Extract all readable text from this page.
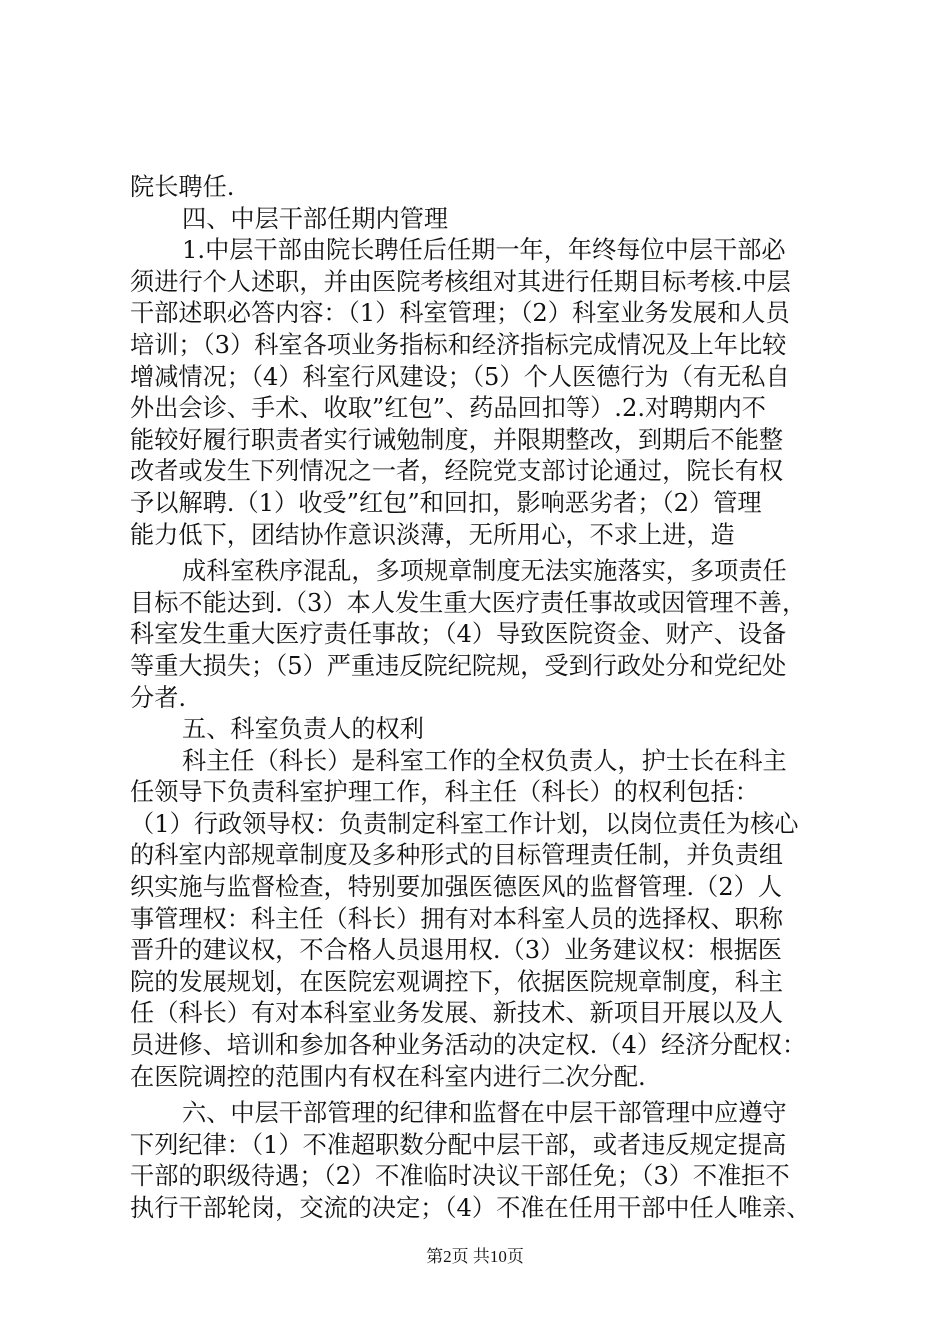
院长聘任.

四、中层干部任期内管理

1.中层干部由院长聘任后任期一年，年终每位中层干部必

须进行个人述职，并由医院考核组对其进行任期目标考核.中层

干部述职必答内容：（1）科室管理；（2）科室业务发展和人员

培训；（3）科室各项业务指标和经济指标完成情况及上年比较

增减情况；（4）科室行风建设；（5）个人医德行为（有无私自

外出会诊、手术、收取”红包”、药品回扣等）.2.对聘期内不

能较好履行职责者实行诫勉制度，并限期整改，到期后不能整

改者或发生下列情况之一者，经院党支部讨论通过，院长有权

予以解聘.（1）收受”红包”和回扣，影响恶劣者；（2）管理

能力低下，团结协作意识淡薄，无所用心，不求上进，造

成科室秩序混乱，多项规章制度无法实施落实，多项责任

目标不能达到.（3）本人发生重大医疗责任事故或因管理不善，

科室发生重大医疗责任事故；（4）导致医院资金、财产、设备

等重大损失；（5）严重违反院纪院规，受到行政处分和党纪处

分者.

五、科室负责人的权利

科主任（科长）是科室工作的全权负责人，护士长在科主

任领导下负责科室护理工作，科主任（科长）的权利包括：

（1）行政领导权：负责制定科室工作计划，以岗位责任为核心

的科室内部规章制度及多种形式的目标管理责任制，并负责组

织实施与监督检查，特别要加强医德医风的监督管理.（2）人

事管理权：科主任（科长）拥有对本科室人员的选择权、职称

晋升的建议权，不合格人员退用权.（3）业务建议权：根据医

院的发展规划，在医院宏观调控下，依据医院规章制度，科主

任（科长）有对本科室业务发展、新技术、新项目开展以及人

员进修、培训和参加各种业务活动的决定权.（4）经济分配权：

在医院调控的范围内有权在科室内进行二次分配.

六、中层干部管理的纪律和监督在中层干部管理中应遵守

下列纪律：（1）不准超职数分配中层干部，或者违反规定提高

干部的职级待遇；（2）不准临时决议干部任免；（3）不准拒不

执行干部轮岗，交流的决定；（4）不准在任用干部中任人唯亲、

第2页 共10页
